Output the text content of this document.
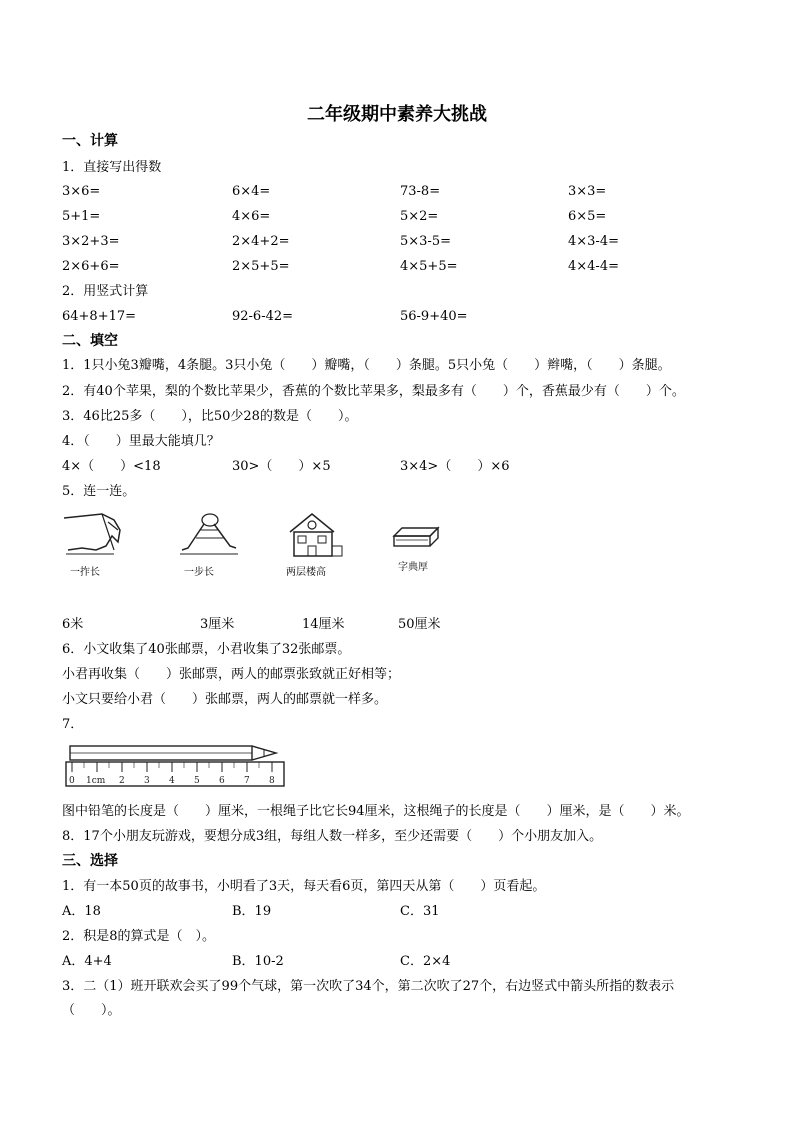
二年级期中素养大挑战
一、计算
1．直接写出得数
3×6=	6×4=	73-8=	3×3=
5+1=	4×6=	5×2=	6×5=
3×2+3=	2×4+2=	5×3-5=	4×3-4=
2×6+6=	2×5+5=	4×5+5=	4×4-4=
2．用竖式计算
64+8+17=	92-6-42=	56-9+40=
二、填空
1．1只小兔3瓣嘴，4条腿。3只小兔（　　）瓣嘴，（　　）条腿。5只小兔（　　）辫嘴，（　　）条腿。
2．有40个苹果，梨的个数比苹果少，香蕉的个数比苹果多，梨最多有（　　）个，香蕉最少有（　　）个。
3．46比25多（　　），比50少28的数是（　　）。
4．（　　）里最大能填几？
4×（　　）<18	30>（　　）×5	3×4>（　　）×6
5．连一连。
一拃长	一步长	两层楼高	字典厚
6米	3厘米	14厘米	50厘米
6．小文收集了40张邮票，小君收集了32张邮票。
小君再收集（　　）张邮票，两人的邮票张致就正好相等；
小文只要给小君（　　）张邮票，两人的邮票就一样多。
7．
0 1cm 2 3 4 5 6 7 8
图中铅笔的长度是（　　）厘米，一根绳子比它长94厘米，这根绳子的长度是（　　）厘米，是（　　）米。
8．17个小朋友玩游戏，要想分成3组，每组人数一样多，至少还需要（　　）个小朋友加入。
三、选择
1．有一本50页的故事书，小明看了3天，每天看6页，第四天从第（　　）页看起。
A．18	B．19	C．31
2．积是8的算式是（　）。
A．4+4	B．10-2	C．2×4
3．二（1）班开联欢会买了99个气球，第一次吹了34个，第二次吹了27个，右边竖式中箭头所指的数表示
（　　）。
